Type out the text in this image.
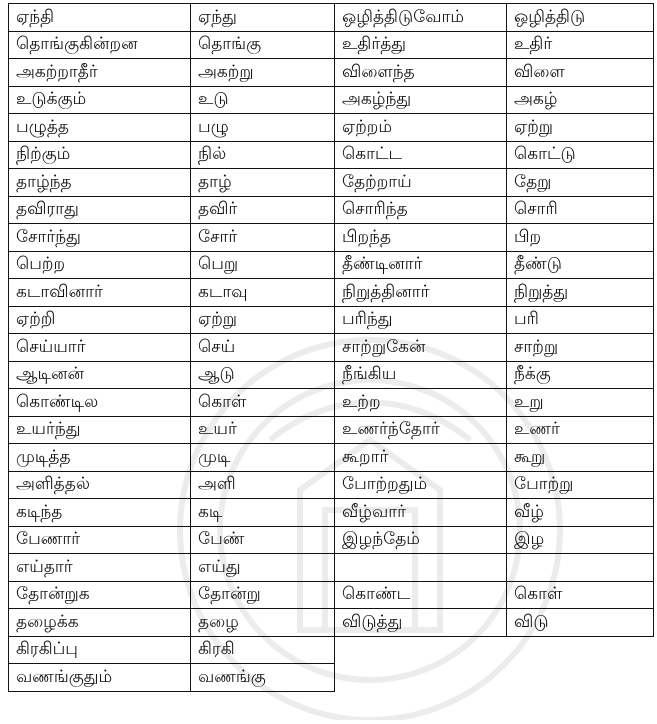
ஏந்தி	ஏந்து	ஒழித்திடுவோம்	ஒழித்திடு
தொங்குகின்றன	தொங்கு	உதிர்த்து	உதிர்
அகற்றாதீர்	அகற்று	விளைந்த	விளை
உடுக்கும்	உடு	அகழ்ந்து	அகழ்
பழுத்த	பழு	ஏற்றம்	ஏற்று
நிற்கும்	நில்	கொட்ட	கொட்டு
தாழ்ந்த	தாழ்	தேற்றாய்	தேறு
தவிராது	தவிர்	சொரிந்த	சொரி
சோர்ந்து	சோர்	பிறந்த	பிற
பெற்ற	பெறு	தீண்டினார்	தீண்டு
கடாவினார்	கடாவு	நிறுத்தினார்	நிறுத்து
ஏற்றி	ஏற்று	பரிந்து	பரி
செய்யார்	செய்	சாற்றுகேன்	சாற்று
ஆடினன்	ஆடு	நீங்கிய	நீக்கு
கொண்டில	கொள்	உற்ற	உறு
உயர்ந்து	உயர்	உணர்ந்தோர்	உணர்
முடித்த	முடி	கூறார்	கூறு
அளித்தல்	அளி	போற்றதும்	போற்று
கடிந்த	கடி	வீழ்வார்	வீழ்
பேணார்	பேண்	இழந்தேம்	இழ
எய்தார்	எய்து		
தோன்றுக	தோன்று	கொண்ட	கொள்
தழைக்க	தழை	விடுத்து	விடு
கிரகிப்பு	கிரகி		
வணங்குதும்	வணங்கு		
